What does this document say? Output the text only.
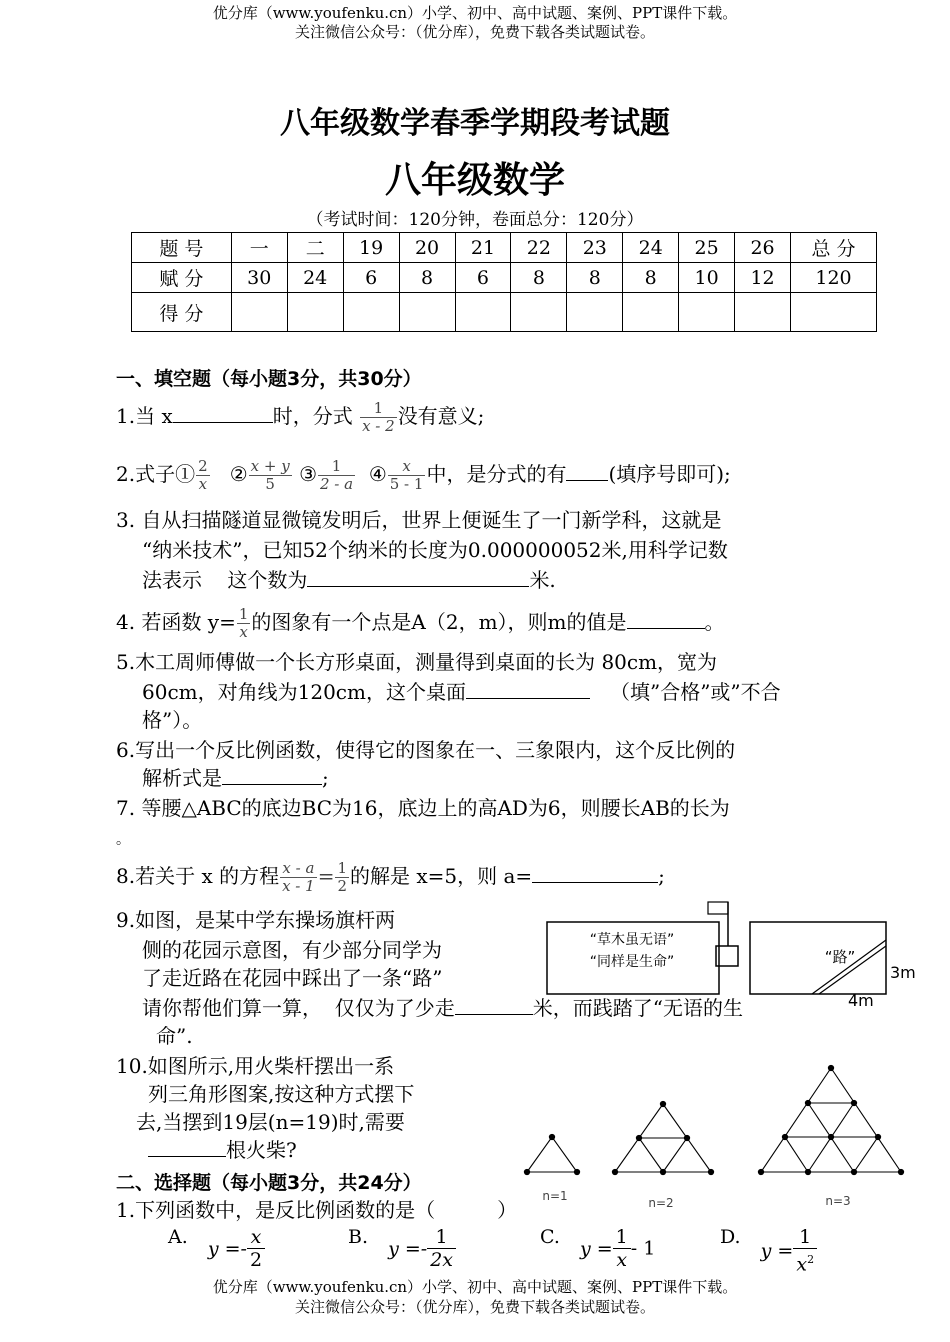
优分库（www.youfenku.cn）小学、初中、高中试题、案例、PPT课件下载。
关注微信公众号：（优分库），免费下载各类试题试卷。
八年级数学春季学期段考试题
八年级数学
（考试时间：120分钟，卷面总分：120分）
题 号	一	二	19	20	21	22	23	24	25	26	总 分
赋 分	30	24	6	8	6	8	8	8	10	12	120
得 分											
一、填空题（每小题3分，共30分）
1.当 x	时，分式 $\frac{1}{x - 2}$ 没有意义;
2.式子① $\frac{2}{x}$ ② $\frac{x + y}{5}$ ③ $\frac{1}{2 - a}$ ④ $\frac{x}{5 - 1}$ 中，是分式的有 (填序号即可);
3. 自从扫描隧道显微镜发明后，世界上便诞生了一门新学科，这就是
“纳米技术”，已知52个纳米的长度为0.000000052米,用科学记数
法表示    这个数为	米.
4. 若函数 $y= \frac{1}{x}$ 的图象有一个点是A（2，m），则m的值是	。
5.木工周师傅做一个长方形桌面，测量得到桌面的长为 80cm，宽为
60cm，对角线为120cm，这个桌面	（填”合格”或”不合
格”）。
6.写出一个反比例函数，使得它的图象在一、三象限内，这个反比例的
解析式是	;
7. 等腰△ABC的底边BC为16，底边上的高AD为6，则腰长AB的长为
。
8.若关于 x 的方程 $\frac{x - a}{x - 1} = \frac{1}{2}$ 的解是 x=5，则 a=	;
9.如图，是某中学东操场旗杆两
侧的花园示意图，有少部分同学为
了走近路在花园中踩出了一条“路”
请你帮他们算一算，  仅仅为了少走	米，而践踏了“无语的生
命”.
“草木虽无语”
“同样是生命”	“路”
3m
4m
10.如图所示,用火柴杆摆出一系
列三角形图案,按这种方式摆下
去,当摆到19层(n=19)时,需要
根火柴?
n=1	n=2	n=3
二、选择题（每小题3分，共24分）
1.下列函数中，是反比例函数的是（	）
A. $y =- \frac{x}{2}$	B. $y =- \frac{1}{2x}$	C. $y = \frac{1}{x} - 1$
D. $y = \frac{1}{x^2}$
优分库（www.youfenku.cn）小学、初中、高中试题、案例、PPT课件下载。
关注微信公众号：（优分库），免费下载各类试题试卷。
